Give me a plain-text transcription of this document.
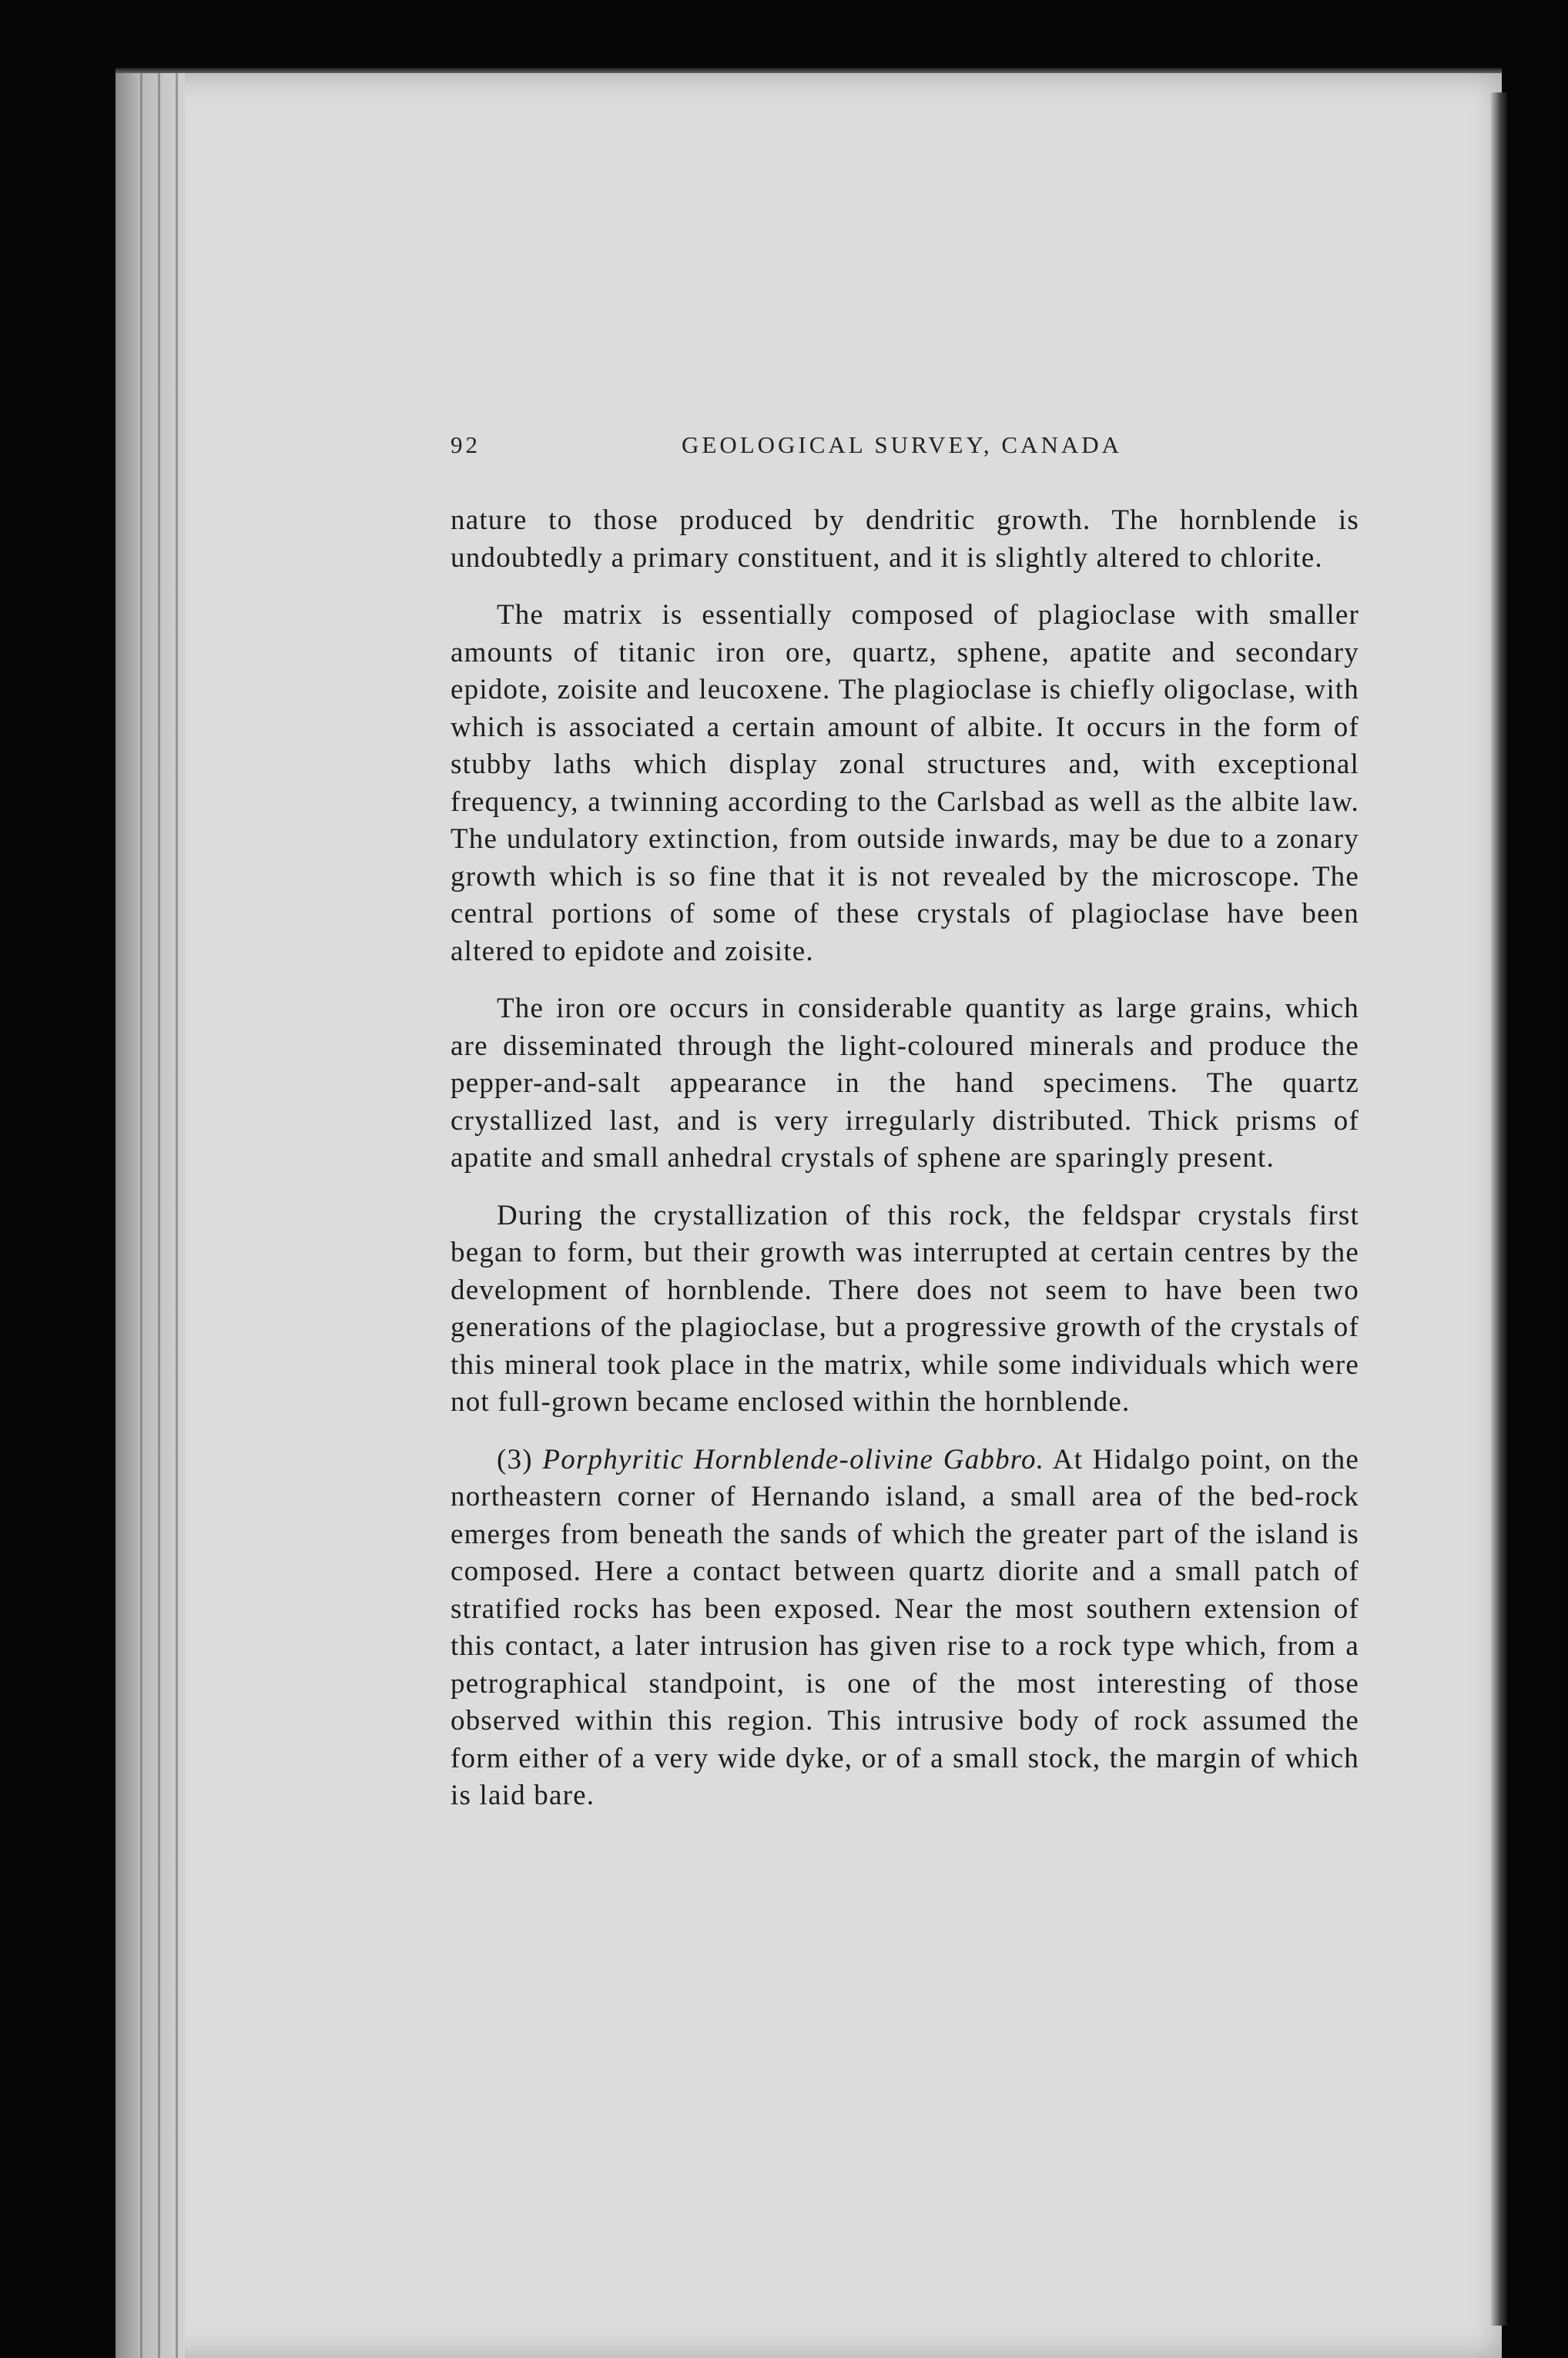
92	GEOLOGICAL SURVEY, CANADA

nature to those produced by dendritic growth. The hornblende is undoubtedly a primary constituent, and it is slightly altered to chlorite.

The matrix is essentially composed of plagioclase with smaller amounts of titanic iron ore, quartz, sphene, apatite and secondary epidote, zoisite and leucoxene. The plagioclase is chiefly oligoclase, with which is associated a certain amount of albite. It occurs in the form of stubby laths which display zonal structures and, with exceptional frequency, a twinning according to the Carlsbad as well as the albite law. The undulatory extinction, from outside inwards, may be due to a zonary growth which is so fine that it is not revealed by the microscope. The central portions of some of these crystals of plagioclase have been altered to epidote and zoisite.

The iron ore occurs in considerable quantity as large grains, which are disseminated through the light-coloured minerals and produce the pepper-and-salt appearance in the hand specimens. The quartz crystallized last, and is very irregularly distributed. Thick prisms of apatite and small anhedral crystals of sphene are sparingly present.

During the crystallization of this rock, the feldspar crystals first began to form, but their growth was interrupted at certain centres by the development of hornblende. There does not seem to have been two generations of the plagioclase, but a progressive growth of the crystals of this mineral took place in the matrix, while some individuals which were not full-grown became enclosed within the hornblende.

(3) Porphyritic Hornblende-olivine Gabbro. At Hidalgo point, on the northeastern corner of Hernando island, a small area of the bed-rock emerges from beneath the sands of which the greater part of the island is composed. Here a contact between quartz diorite and a small patch of stratified rocks has been exposed. Near the most southern extension of this contact, a later intrusion has given rise to a rock type which, from a petrographical standpoint, is one of the most interesting of those observed within this region. This intrusive body of rock assumed the form either of a very wide dyke, or of a small stock, the margin of which is laid bare.
